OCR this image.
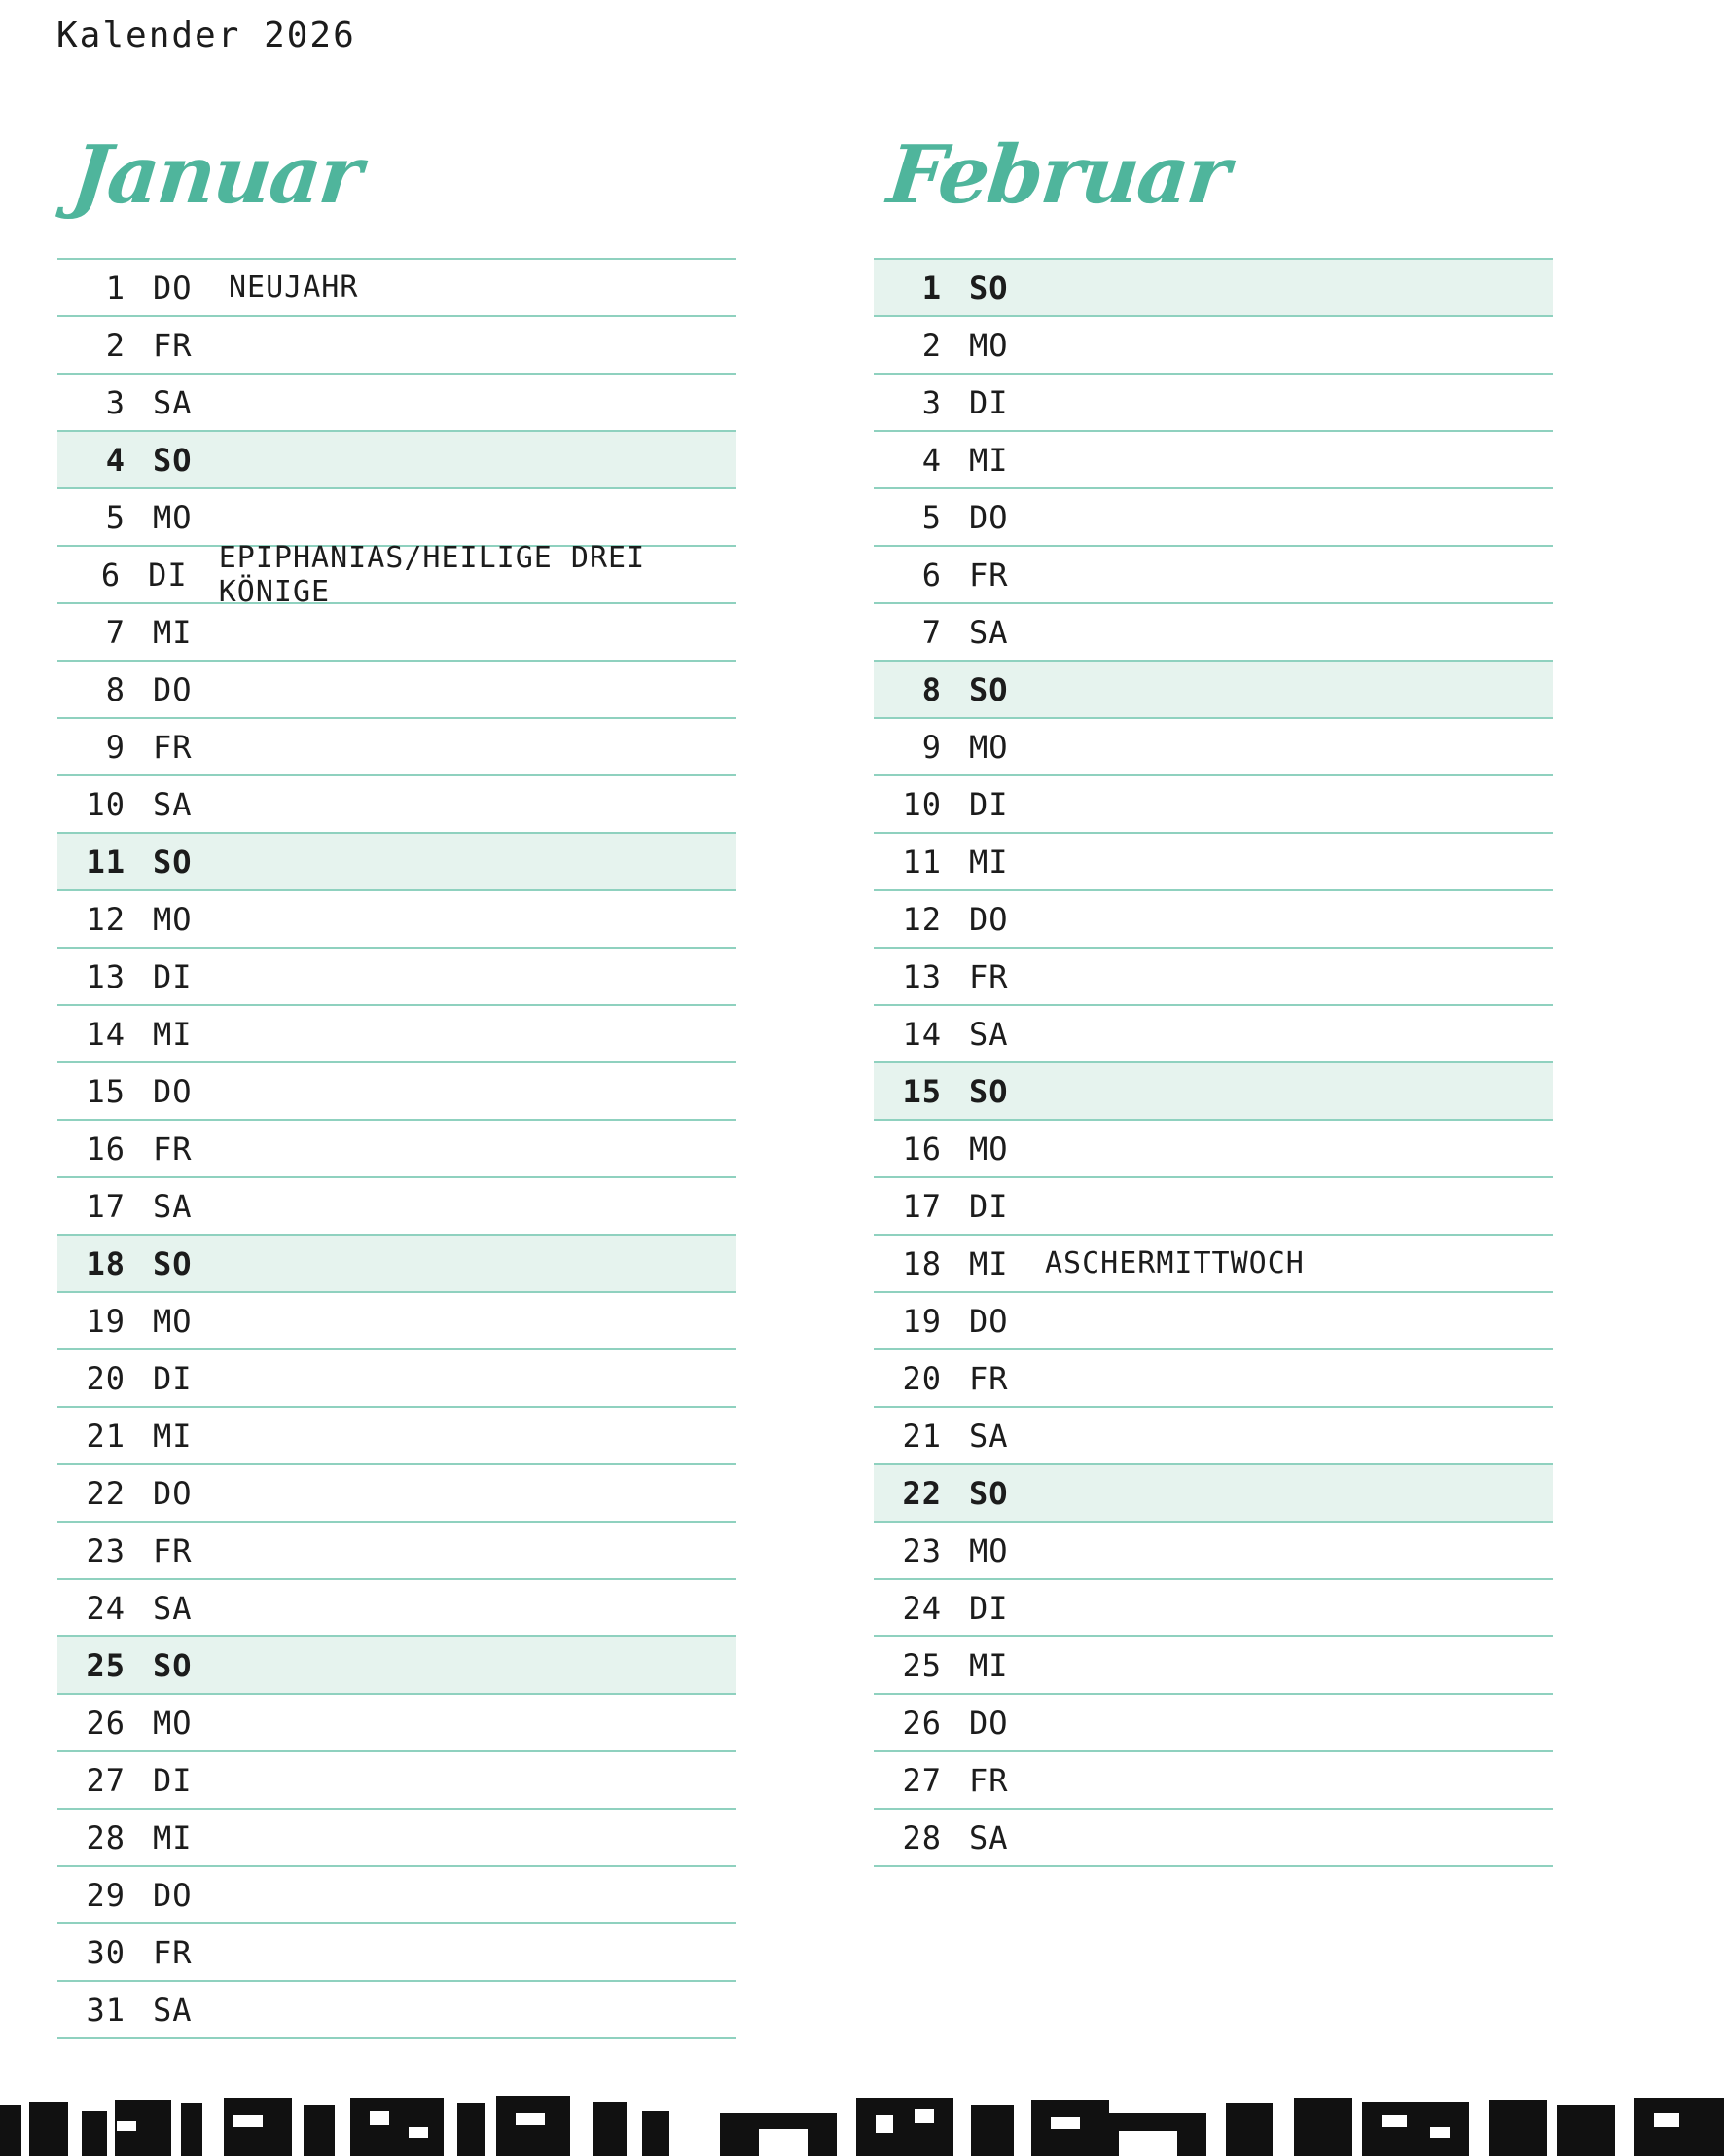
Kalender 2026
Januar
1 DO	NEUJAHR
2 FR
3 SA
4 SO
5 MO
6 DI	EPIPHANIAS/HEILIGE DREI KÖNIGE
7 MI
8 DO
9 FR
10 SA
11 SO
12 MO
13 DI
14 MI
15 DO
16 FR
17 SA
18 SO
19 MO
20 DI
21 MI
22 DO
23 FR
24 SA
25 SO
26 MO
27 DI
28 MI
29 DO
30 FR
31 SA
Februar
1 SO
2 MO
3 DI
4 MI
5 DO
6 FR
7 SA
8 SO
9 MO
10 DI
11 MI
12 DO
13 FR
14 SA
15 SO
16 MO
17 DI
18 MI	ASCHERMITTWOCH
19 DO
20 FR
21 SA
22 SO
23 MO
24 DI
25 MI
26 DO
27 FR
28 SA
